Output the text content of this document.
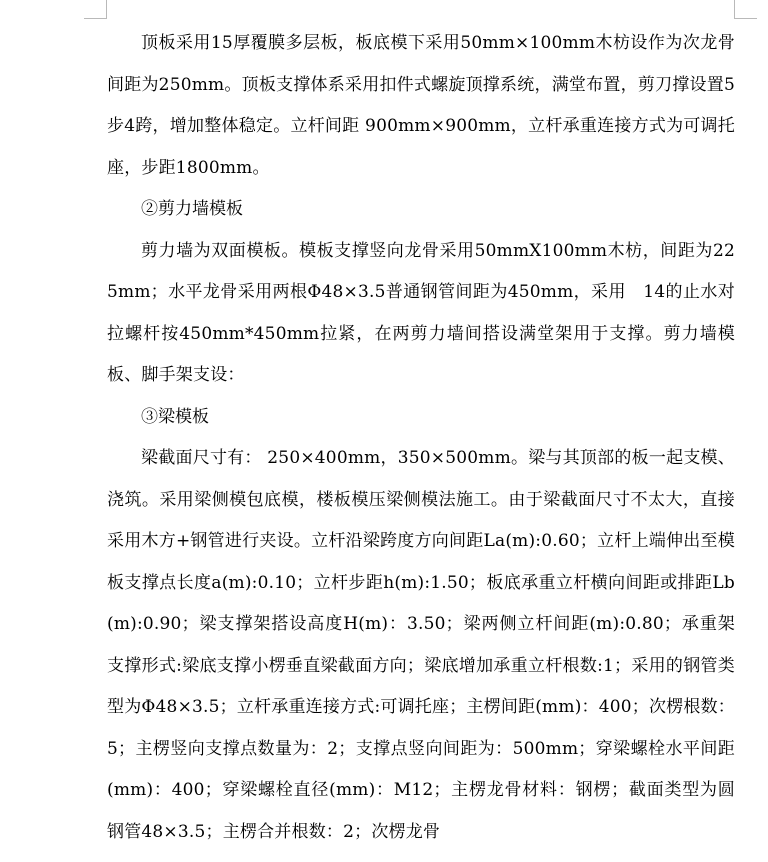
顶板采用15厚覆膜多层板，板底模下采用50mm×100mm木枋设作为次龙骨间距为250mm。顶板支撑体系采用扣件式螺旋顶撑系统，满堂布置，剪刀撑设置5步4跨，增加整体稳定。立杆间距 900mm×900mm，立杆承重连接方式为可调托座，步距1800mm。

②剪力墙模板

剪力墙为双面模板。模板支撑竖向龙骨采用50mmX100mm木枋，间距为225mm；水平龙骨采用两根Φ48×3.5普通钢管间距为450mm，采用　14的止水对拉螺杆按450mm*450mm拉紧，在两剪力墙间搭设满堂架用于支撑。剪力墙模板、脚手架支设：

③梁模板

梁截面尺寸有： 250×400mm，350×500mm。梁与其顶部的板一起支模、浇筑。采用梁侧模包底模，楼板模压梁侧模法施工。由于梁截面尺寸不太大，直接采用木方+钢管进行夹设。立杆沿梁跨度方向间距La(m):0.60；立杆上端伸出至模板支撑点长度a(m):0.10；立杆步距h(m):1.50；板底承重立杆横向间距或排距Lb(m):0.90；梁支撑架搭设高度H(m)：3.50；梁两侧立杆间距(m):0.80；承重架支撑形式:梁底支撑小楞垂直梁截面方向；梁底增加承重立杆根数:1；采用的钢管类型为Φ48×3.5；立杆承重连接方式:可调托座；主楞间距(mm)：400；次楞根数：5；主楞竖向支撑点数量为：2；支撑点竖向间距为：500mm；穿梁螺栓水平间距(mm)：400；穿梁螺栓直径(mm)：M12；主楞龙骨材料：钢楞；截面类型为圆钢管48×3.5；主楞合并根数：2；次楞龙骨
